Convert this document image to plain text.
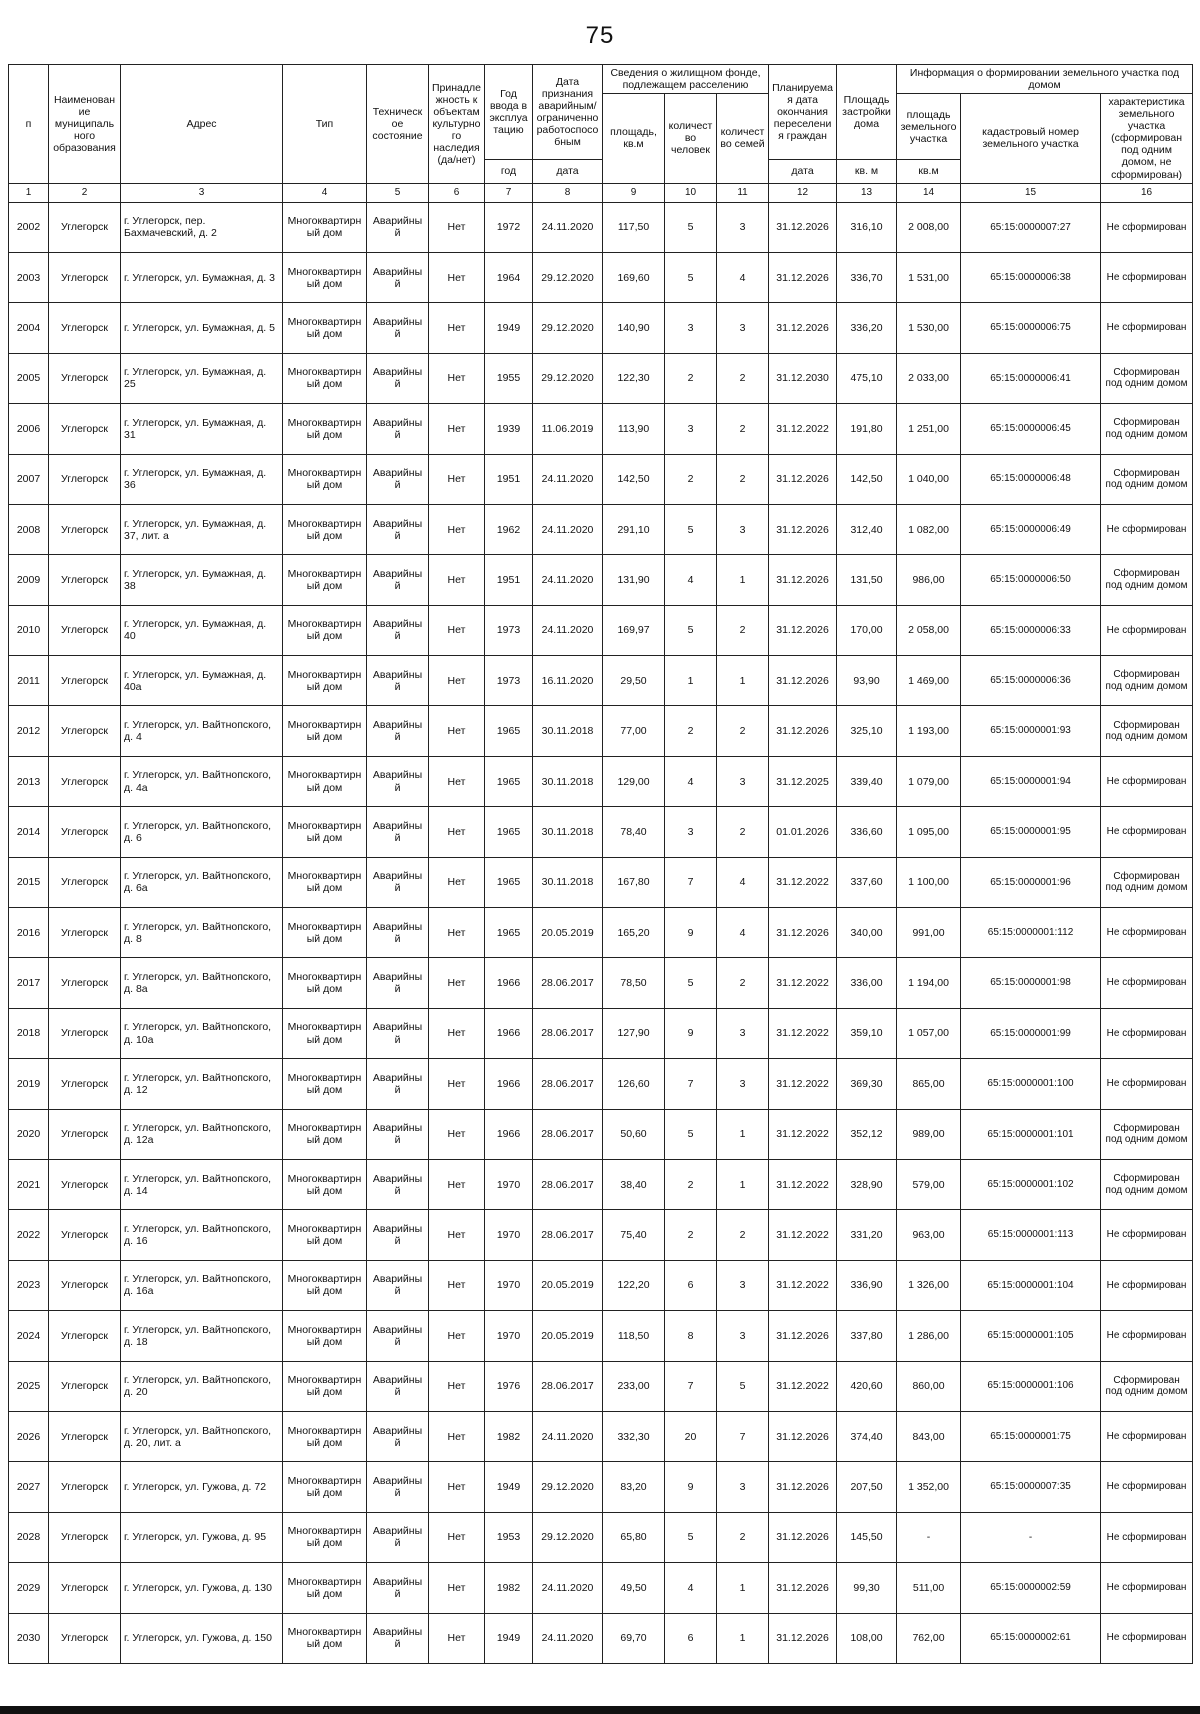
75
п	Наименование муниципального образования	Адрес	Тип	Техническое состояние	Принадлежность к объектам культурного наследия (да/нет)	Год ввода в эксплуатацию	Дата признания аварийным/ограниченно работоспособным	Сведения о жилищном фонде, подлежащем расселению			Планируемая дата окончания переселения граждан	Площадь застройки дома	Информация о формировании земельного участка под домом		
								площадь, кв.м	количество человек	количество семей			площадь земельного участка	кадастровый номер земельного участка	характеристика земельного участка (сформирован под одним домом, не сформирован)
						год	дата				дата	кв. м	кв.м		
1	2	3	4	5	6	7	8	9	10	11	12	13	14	15	16
2002	Углегорск	г. Углегорск, пер. Бахмачевский, д. 2	Многоквартирный дом	Аварийный	Нет	1972	24.11.2020	117,50	5	3	31.12.2026	316,10	2 008,00	65:15:0000007:27	Не сформирован
2003	Углегорск	г. Углегорск, ул. Бумажная, д. 3	Многоквартирный дом	Аварийный	Нет	1964	29.12.2020	169,60	5	4	31.12.2026	336,70	1 531,00	65:15:0000006:38	Не сформирован
2004	Углегорск	г. Углегорск, ул. Бумажная, д. 5	Многоквартирный дом	Аварийный	Нет	1949	29.12.2020	140,90	3	3	31.12.2026	336,20	1 530,00	65:15:0000006:75	Не сформирован
2005	Углегорск	г. Углегорск, ул. Бумажная, д. 25	Многоквартирный дом	Аварийный	Нет	1955	29.12.2020	122,30	2	2	31.12.2030	475,10	2 033,00	65:15:0000006:41	Сформирован под одним домом
2006	Углегорск	г. Углегорск, ул. Бумажная, д. 31	Многоквартирный дом	Аварийный	Нет	1939	11.06.2019	113,90	3	2	31.12.2022	191,80	1 251,00	65:15:0000006:45	Сформирован под одним домом
2007	Углегорск	г. Углегорск, ул. Бумажная, д. 36	Многоквартирный дом	Аварийный	Нет	1951	24.11.2020	142,50	2	2	31.12.2026	142,50	1 040,00	65:15:0000006:48	Сформирован под одним домом
2008	Углегорск	г. Углегорск, ул. Бумажная, д. 37, лит. а	Многоквартирный дом	Аварийный	Нет	1962	24.11.2020	291,10	5	3	31.12.2026	312,40	1 082,00	65:15:0000006:49	Не сформирован
2009	Углегорск	г. Углегорск, ул. Бумажная, д. 38	Многоквартирный дом	Аварийный	Нет	1951	24.11.2020	131,90	4	1	31.12.2026	131,50	986,00	65:15:0000006:50	Сформирован под одним домом
2010	Углегорск	г. Углегорск, ул. Бумажная, д. 40	Многоквартирный дом	Аварийный	Нет	1973	24.11.2020	169,97	5	2	31.12.2026	170,00	2 058,00	65:15:0000006:33	Не сформирован
2011	Углегорск	г. Углегорск, ул. Бумажная, д. 40а	Многоквартирный дом	Аварийный	Нет	1973	16.11.2020	29,50	1	1	31.12.2026	93,90	1 469,00	65:15:0000006:36	Сформирован под одним домом
2012	Углегорск	г. Углегорск, ул. Вайтнопского, д. 4	Многоквартирный дом	Аварийный	Нет	1965	30.11.2018	77,00	2	2	31.12.2026	325,10	1 193,00	65:15:0000001:93	Сформирован под одним домом
2013	Углегорск	г. Углегорск, ул. Вайтнопского, д. 4а	Многоквартирный дом	Аварийный	Нет	1965	30.11.2018	129,00	4	3	31.12.2025	339,40	1 079,00	65:15:0000001:94	Не сформирован
2014	Углегорск	г. Углегорск, ул. Вайтнопского, д. 6	Многоквартирный дом	Аварийный	Нет	1965	30.11.2018	78,40	3	2	01.01.2026	336,60	1 095,00	65:15:0000001:95	Не сформирован
2015	Углегорск	г. Углегорск, ул. Вайтнопского, д. 6а	Многоквартирный дом	Аварийный	Нет	1965	30.11.2018	167,80	7	4	31.12.2022	337,60	1 100,00	65:15:0000001:96	Сформирован под одним домом
2016	Углегорск	г. Углегорск, ул. Вайтнопского, д. 8	Многоквартирный дом	Аварийный	Нет	1965	20.05.2019	165,20	9	4	31.12.2026	340,00	991,00	65:15:0000001:112	Не сформирован
2017	Углегорск	г. Углегорск, ул. Вайтнопского, д. 8а	Многоквартирный дом	Аварийный	Нет	1966	28.06.2017	78,50	5	2	31.12.2022	336,00	1 194,00	65:15:0000001:98	Не сформирован
2018	Углегорск	г. Углегорск, ул. Вайтнопского, д. 10а	Многоквартирный дом	Аварийный	Нет	1966	28.06.2017	127,90	9	3	31.12.2022	359,10	1 057,00	65:15:0000001:99	Не сформирован
2019	Углегорск	г. Углегорск, ул. Вайтнопского, д. 12	Многоквартирный дом	Аварийный	Нет	1966	28.06.2017	126,60	7	3	31.12.2022	369,30	865,00	65:15:0000001:100	Не сформирован
2020	Углегорск	г. Углегорск, ул. Вайтнопского, д. 12а	Многоквартирный дом	Аварийный	Нет	1966	28.06.2017	50,60	5	1	31.12.2022	352,12	989,00	65:15:0000001:101	Сформирован под одним домом
2021	Углегорск	г. Углегорск, ул. Вайтнопского, д. 14	Многоквартирный дом	Аварийный	Нет	1970	28.06.2017	38,40	2	1	31.12.2022	328,90	579,00	65:15:0000001:102	Сформирован под одним домом
2022	Углегорск	г. Углегорск, ул. Вайтнопского, д. 16	Многоквартирный дом	Аварийный	Нет	1970	28.06.2017	75,40	2	2	31.12.2022	331,20	963,00	65:15:0000001:113	Не сформирован
2023	Углегорск	г. Углегорск, ул. Вайтнопского, д. 16а	Многоквартирный дом	Аварийный	Нет	1970	20.05.2019	122,20	6	3	31.12.2022	336,90	1 326,00	65:15:0000001:104	Не сформирован
2024	Углегорск	г. Углегорск, ул. Вайтнопского, д. 18	Многоквартирный дом	Аварийный	Нет	1970	20.05.2019	118,50	8	3	31.12.2026	337,80	1 286,00	65:15:0000001:105	Не сформирован
2025	Углегорск	г. Углегорск, ул. Вайтнопского, д. 20	Многоквартирный дом	Аварийный	Нет	1976	28.06.2017	233,00	7	5	31.12.2022	420,60	860,00	65:15:0000001:106	Сформирован под одним домом
2026	Углегорск	г. Углегорск, ул. Вайтнопского, д. 20, лит. а	Многоквартирный дом	Аварийный	Нет	1982	24.11.2020	332,30	20	7	31.12.2026	374,40	843,00	65:15:0000001:75	Не сформирован
2027	Углегорск	г. Углегорск, ул. Гужова, д. 72	Многоквартирный дом	Аварийный	Нет	1949	29.12.2020	83,20	9	3	31.12.2026	207,50	1 352,00	65:15:0000007:35	Не сформирован
2028	Углегорск	г. Углегорск, ул. Гужова, д. 95	Многоквартирный дом	Аварийный	Нет	1953	29.12.2020	65,80	5	2	31.12.2026	145,50	-	-	Не сформирован
2029	Углегорск	г. Углегорск, ул. Гужова, д. 130	Многоквартирный дом	Аварийный	Нет	1982	24.11.2020	49,50	4	1	31.12.2026	99,30	511,00	65:15:0000002:59	Не сформирован
2030	Углегорск	г. Углегорск, ул. Гужова, д. 150	Многоквартирный дом	Аварийный	Нет	1949	24.11.2020	69,70	6	1	31.12.2026	108,00	762,00	65:15:0000002:61	Не сформирован
